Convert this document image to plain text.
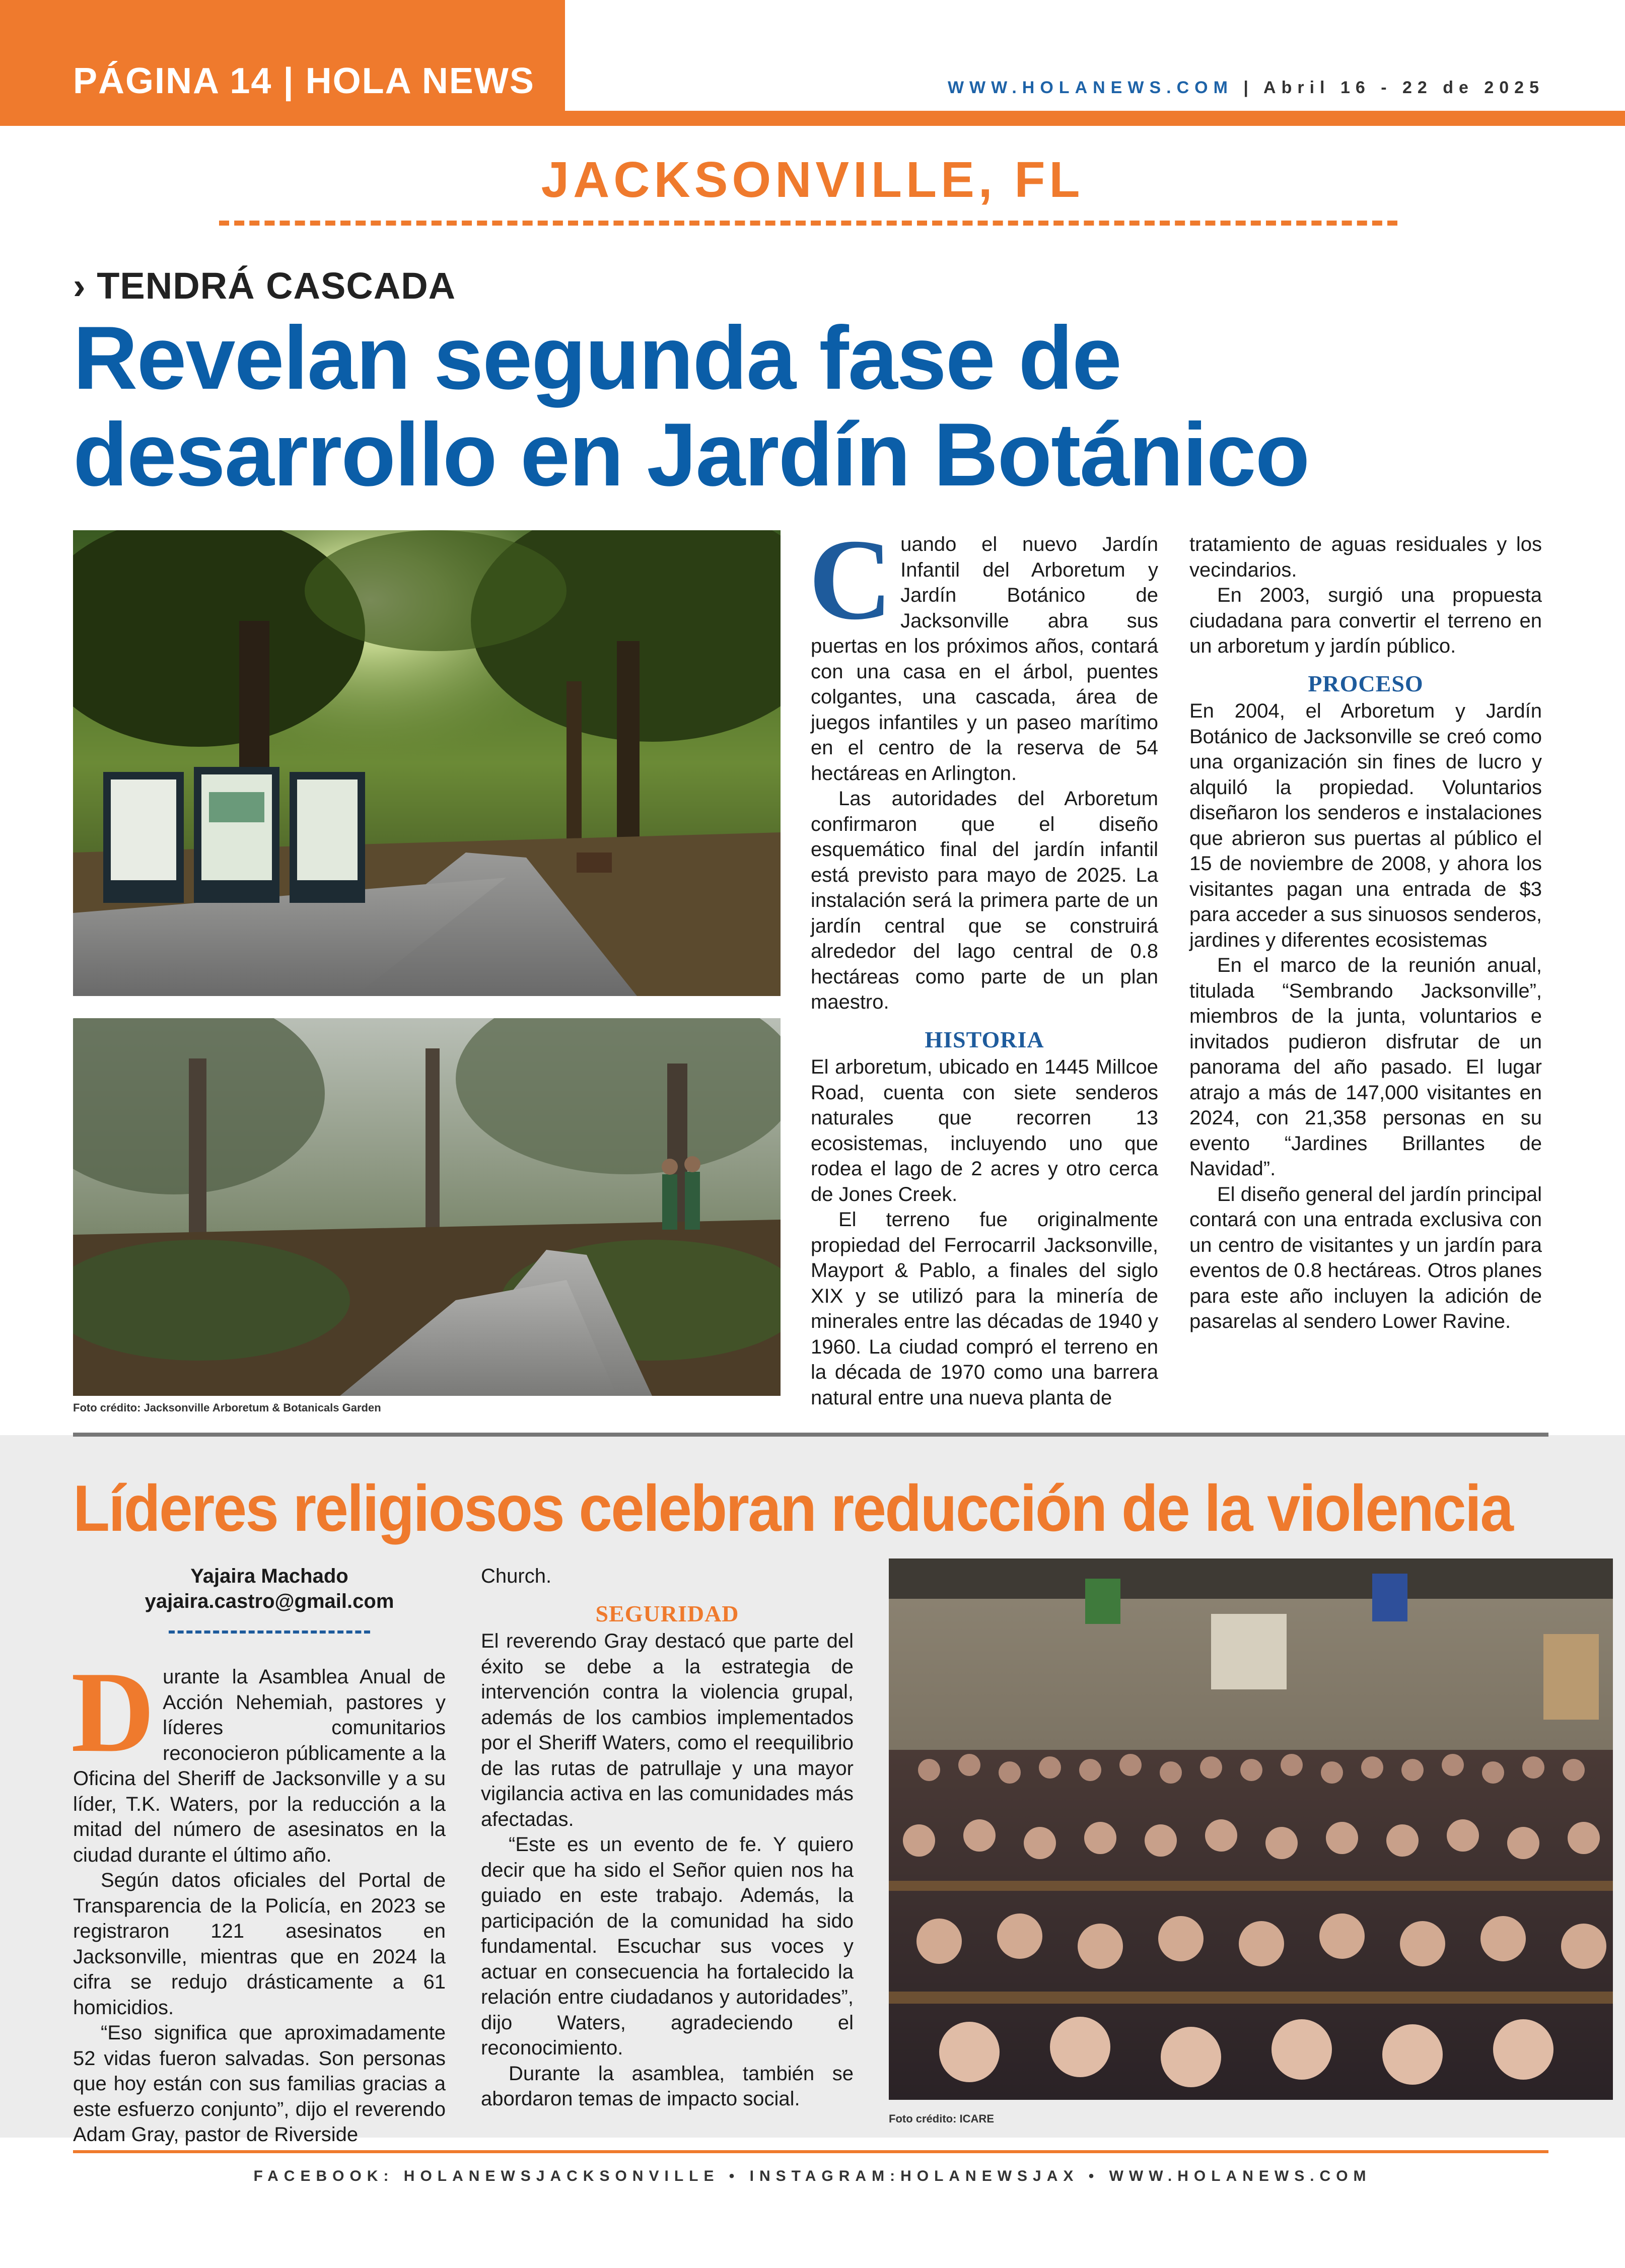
PÁGINA 14 | HOLA NEWS	WWW.HOLANEWS.COM | Abril 16 - 22 de 2025
JACKSONVILLE, FL
› TENDRÁ CASCADA
Revelan segunda fase de
desarrollo en Jardín Botánico
Foto crédito: Jacksonville Arboretum & Botanicals Garden
C uando el nuevo Jardín Infantil del Arboretum y Jardín Botánico de Jacksonville abra sus puertas en los próximos años, contará con una casa en el árbol, puentes colgantes, una cascada, área de juegos infantiles y un paseo marítimo en el centro de la reserva de 54 hectáreas en Arlington.

Las autoridades del Arboretum confirmaron que el diseño esquemático final del jardín infantil está previsto para mayo de 2025. La instalación será la primera parte de un jardín central que se construirá alrededor del lago central de 0.8 hectáreas como parte de un plan maestro.

HISTORIA

El arboretum, ubicado en 1445 Millcoe Road, cuenta con siete senderos naturales que recorren 13 ecosistemas, incluyendo uno que rodea el lago de 2 acres y otro cerca de Jones Creek.

El terreno fue originalmente propiedad del Ferrocarril Jacksonville, Mayport & Pablo, a finales del siglo XIX y se utilizó para la minería de minerales entre las décadas de 1940 y 1960. La ciudad compró el terreno en la década de 1970 como una barrera natural entre una nueva planta de

tratamiento de aguas residuales y los vecindarios.

En 2003, surgió una propuesta ciudadana para convertir el terreno en un arboretum y jardín público.

PROCESO

En 2004, el Arboretum y Jardín Botánico de Jacksonville se creó como una organización sin fines de lucro y alquiló la propiedad. Voluntarios diseñaron los senderos e instalaciones que abrieron sus puertas al público el 15 de noviembre de 2008, y ahora los visitantes pagan una entrada de $3 para acceder a sus sinuosos senderos, jardines y diferentes ecosistemas

En el marco de la reunión anual, titulada “Sembrando Jacksonville”, miembros de la junta, voluntarios e invitados pudieron disfrutar de un panorama del año pasado. El lugar atrajo a más de 147,000 visitantes en 2024, con 21,358 personas en su evento “Jardines Brillantes de Navidad”.

El diseño general del jardín principal contará con una entrada exclusiva con un centro de visitantes y un jardín para eventos de 0.8 hectáreas. Otros planes para este año incluyen la adición de pasarelas al sendero Lower Ravine.

Líderes religiosos celebran reducción de la violencia
Yajaira Machado
yajaira.castro@gmail.com
D urante la Asamblea Anual de Acción Nehemiah, pastores y líderes comunitarios reconocieron públicamente a la Oficina del Sheriff de Jacksonville y a su líder, T.K. Waters, por la reducción a la mitad del número de asesinatos en la ciudad durante el último año.

Según datos oficiales del Portal de Transparencia de la Policía, en 2023 se registraron 121 asesinatos en Jacksonville, mientras que en 2024 la cifra se redujo drásticamente a 61 homicidios.

“Eso significa que aproximadamente 52 vidas fueron salvadas. Son personas que hoy están con sus familias gracias a este esfuerzo conjunto”, dijo el reverendo Adam Gray, pastor de Riverside

Church.

SEGURIDAD

El reverendo Gray destacó que parte del éxito se debe a la estrategia de intervención contra la violencia grupal, además de los cambios implementados por el Sheriff Waters, como el reequilibrio de las rutas de patrullaje y una mayor vigilancia activa en las comunidades más afectadas.

“Este es un evento de fe. Y quiero decir que ha sido el Señor quien nos ha guiado en este trabajo. Además, la participación de la comunidad ha sido fundamental. Escuchar sus voces y actuar en consecuencia ha fortalecido la relación entre ciudadanos y autoridades”, dijo Waters, agradeciendo el reconocimiento.

Durante la asamblea, también se abordaron temas de impacto social.

Foto crédito: ICARE
FACEBOOK: HOLANEWSJACKSONVILLE • INSTAGRAM:HOLANEWSJAX • WWW.HOLANEWS.COM
